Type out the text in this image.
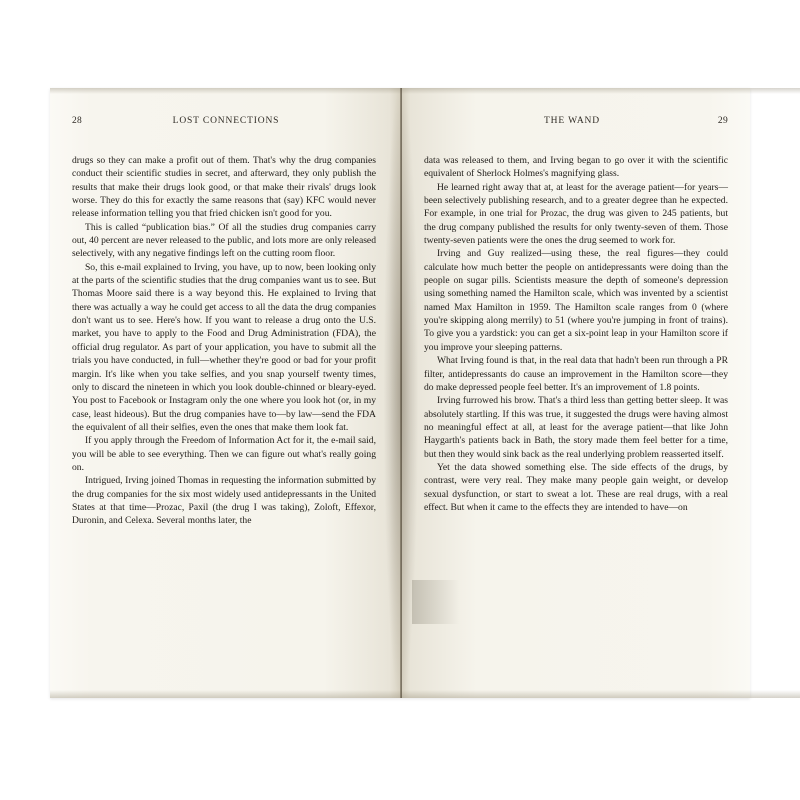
28	LOST CONNECTIONS

drugs so they can make a profit out of them. That's why the drug companies conduct their scientific studies in secret, and afterward, they only publish the results that make their drugs look good, or that make their rivals' drugs look worse. They do this for exactly the same reasons that (say) KFC would never release information telling you that fried chicken isn't good for you.

This is called “publication bias.” Of all the studies drug companies carry out, 40 percent are never released to the public, and lots more are only released selectively, with any negative findings left on the cutting room floor.

So, this e-mail explained to Irving, you have, up to now, been looking only at the parts of the scientific studies that the drug companies want us to see. But Thomas Moore said there is a way beyond this. He explained to Irving that there was actually a way he could get access to all the data the drug companies don't want us to see. Here's how. If you want to release a drug onto the U.S. market, you have to apply to the Food and Drug Administration (FDA), the official drug regulator. As part of your application, you have to submit all the trials you have conducted, in full—whether they're good or bad for your profit margin. It's like when you take selfies, and you snap yourself twenty times, only to discard the nineteen in which you look double-chinned or bleary-eyed. You post to Facebook or Instagram only the one where you look hot (or, in my case, least hideous). But the drug companies have to—by law—send the FDA the equivalent of all their selfies, even the ones that make them look fat.

If you apply through the Freedom of Information Act for it, the e-mail said, you will be able to see everything. Then we can figure out what's really going on.

Intrigued, Irving joined Thomas in requesting the information submitted by the drug companies for the six most widely used antidepressants in the United States at that time—Prozac, Paxil (the drug I was taking), Zoloft, Effexor, Duronin, and Celexa. Several months later, the

THE WAND	29

data was released to them, and Irving began to go over it with the scientific equivalent of Sherlock Holmes's magnifying glass.

He learned right away that at, at least for the average patient—for years—been selectively publishing research, and to a greater degree than he expected. For example, in one trial for Prozac, the drug was given to 245 patients, but the drug company published the results for only twenty-seven of them. Those twenty-seven patients were the ones the drug seemed to work for.

Irving and Guy realized—using these, the real figures—they could calculate how much better the people on antidepressants were doing than the people on sugar pills. Scientists measure the depth of someone's depression using something named the Hamilton scale, which was invented by a scientist named Max Hamilton in 1959. The Hamilton scale ranges from 0 (where you're skipping along merrily) to 51 (where you're jumping in front of trains). To give you a yardstick: you can get a six-point leap in your Hamilton score if you improve your sleeping patterns.

What Irving found is that, in the real data that hadn't been run through a PR filter, antidepressants do cause an improvement in the Hamilton score—they do make depressed people feel better. It's an improvement of 1.8 points.

Irving furrowed his brow. That's a third less than getting better sleep. It was absolutely startling. If this was true, it suggested the drugs were having almost no meaningful effect at all, at least for the average patient—that like John Haygarth's patients back in Bath, the story made them feel better for a time, but then they would sink back as the real underlying problem reasserted itself.

Yet the data showed something else. The side effects of the drugs, by contrast, were very real. They make many people gain weight, or develop sexual dysfunction, or start to sweat a lot. These are real drugs, with a real effect. But when it came to the effects they are intended to have—on
